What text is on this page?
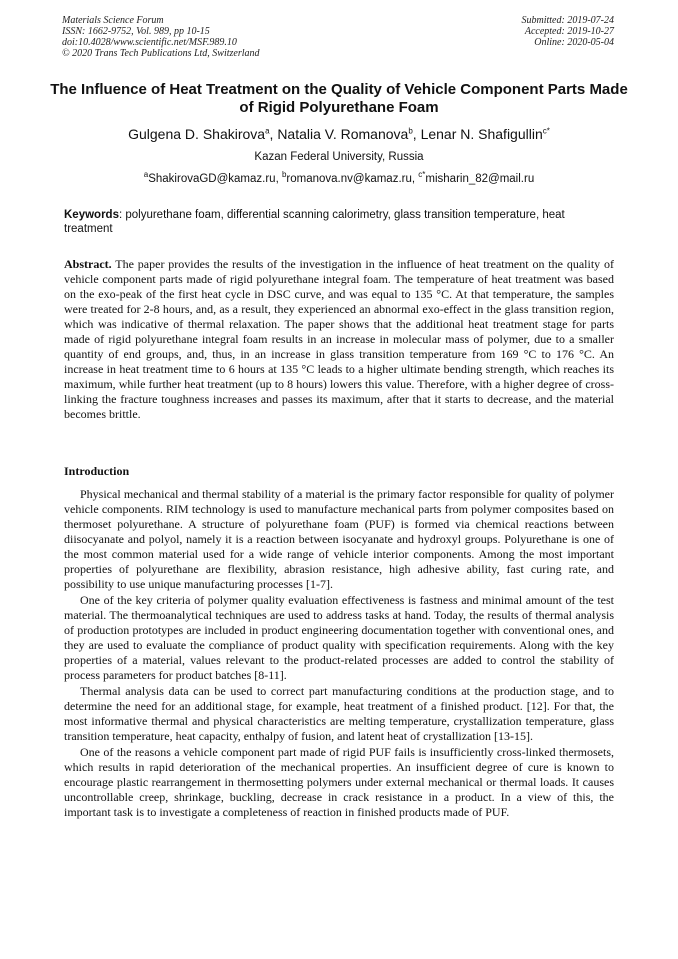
Materials Science Forum
ISSN: 1662-9752, Vol. 989, pp 10-15
doi:10.4028/www.scientific.net/MSF.989.10
© 2020 Trans Tech Publications Ltd, Switzerland
Submitted: 2019-07-24
Accepted: 2019-10-27
Online: 2020-05-04
The Influence of Heat Treatment on the Quality of Vehicle Component Parts Made of Rigid Polyurethane Foam
Gulgena D. Shakirova$^a$, Natalia V. Romanova$^b$, Lenar N. Shafigullin$^{c*}$
Kazan Federal University, Russia
$^a$ShakirovaGD@kamaz.ru, $^b$romanova.nv@kamaz.ru, $^{c*}$misharin_82@mail.ru
Keywords: polyurethane foam, differential scanning calorimetry, glass transition temperature, heat treatment

Abstract. The paper provides the results of the investigation in the influence of heat treatment on the quality of vehicle component parts made of rigid polyurethane integral foam. The temperature of heat treatment was based on the exo-peak of the first heat cycle in DSC curve, and was equal to 135 °C. At that temperature, the samples were treated for 2-8 hours, and, as a result, they experienced an abnormal exo-effect in the glass transition region, which was indicative of thermal relaxation. The paper shows that the additional heat treatment stage for parts made of rigid polyurethane integral foam results in an increase in molecular mass of polymer, due to a smaller quantity of end groups, and, thus, in an increase in glass transition temperature from 169 °C to 176 °C. An increase in heat treatment time to 6 hours at 135 °C leads to a higher ultimate bending strength, which reaches its maximum, while further heat treatment (up to 8 hours) lowers this value. Therefore, with a higher degree of cross-linking the fracture toughness increases and passes its maximum, after that it starts to decrease, and the material becomes brittle.

Introduction

Physical mechanical and thermal stability of a material is the primary factor responsible for quality of polymer vehicle components. RIM technology is used to manufacture mechanical parts from polymer composites based on thermoset polyurethane. A structure of polyurethane foam (PUF) is formed via chemical reactions between diisocyanate and polyol, namely it is a reaction between isocyanate and hydroxyl groups. Polyurethane is one of the most common material used for a wide range of vehicle interior components. Among the most important properties of polyurethane are flexibility, abrasion resistance, high adhesive ability, fast curing rate, and possibility to use unique manufacturing processes [1-7].

One of the key criteria of polymer quality evaluation effectiveness is fastness and minimal amount of the test material. The thermoanalytical techniques are used to address tasks at hand. Today, the results of thermal analysis of production prototypes are included in product engineering documentation together with conventional ones, and they are used to evaluate the compliance of product quality with specification requirements. Along with the key properties of a material, values relevant to the product-related processes are added to control the stability of process parameters for product batches [8-11].

Thermal analysis data can be used to correct part manufacturing conditions at the production stage, and to determine the need for an additional stage, for example, heat treatment of a finished product. [12]. For that, the most informative thermal and physical characteristics are melting temperature, crystallization temperature, glass transition temperature, heat capacity, enthalpy of fusion, and latent heat of crystallization [13-15].

One of the reasons a vehicle component part made of rigid PUF fails is insufficiently cross-linked thermosets, which results in rapid deterioration of the mechanical properties. An insufficient degree of cure is known to encourage plastic rearrangement in thermosetting polymers under external mechanical or thermal loads. It causes uncontrollable creep, shrinkage, buckling, decrease in crack resistance in a product. In a view of this, the important task is to investigate a completeness of reaction in finished products made of PUF.
